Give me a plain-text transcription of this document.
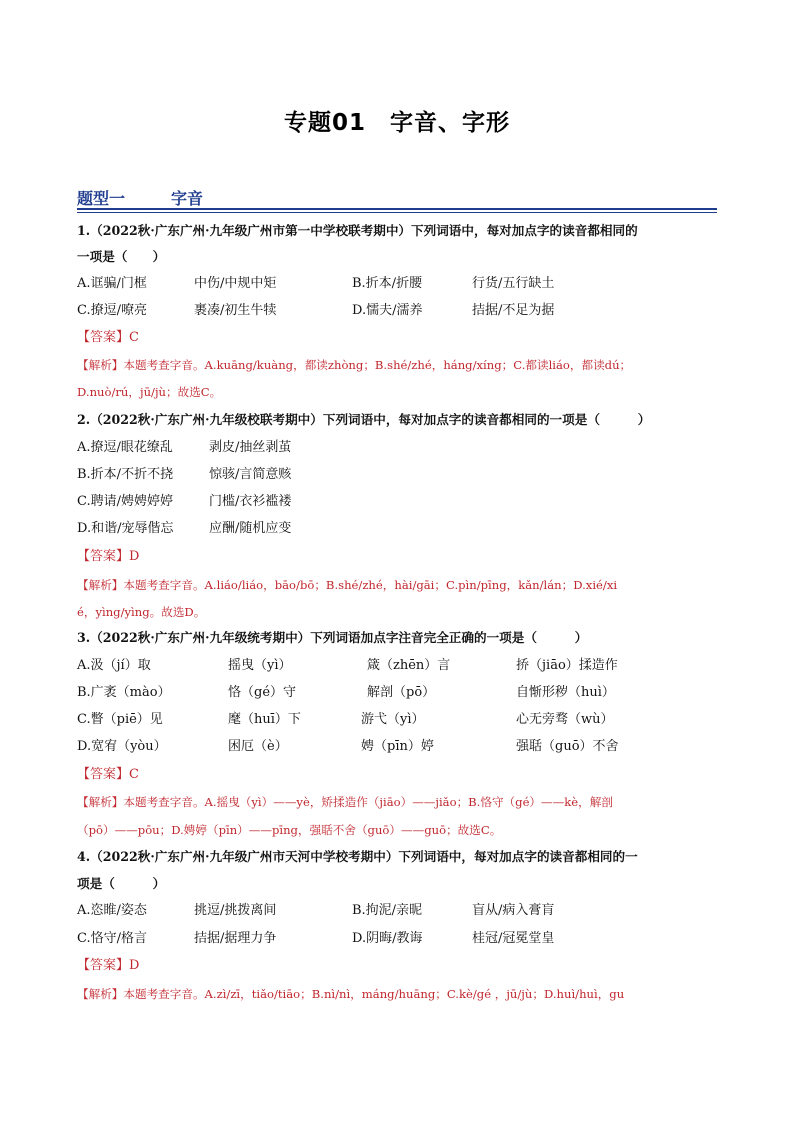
专题01　字音、字形
题型一	字音
1.（2022秋·广东广州·九年级广州市第一中学校联考期中）下列词语中，每对加点字的读音都相同的
一项是（　　）
A.诓骗/门框	中伤/中规中矩	B.折本/折腰	行货/五行缺土
C.撩逗/嘹亮	裹凑/初生牛犊	D.懦夫/濡养	拮据/不足为据
【答案】C
【解析】本题考查字音。A.kuāng/kuàng，都读zhòng；B.shé/zhé，háng/xíng；C.都读liáo，都读dú；
D.nuò/rú，jū/jù；故选C。
2.（2022秋·广东广州·九年级校联考期中）下列词语中，每对加点字的读音都相同的一项是（　　　）
A.撩逗/眼花缭乱	剥皮/抽丝剥茧
B.折本/不折不挠	惊骇/言简意赅
C.聘请/娉娉婷婷	门槛/衣衫褴褛
D.和谐/宠辱偕忘	应酬/随机应变
【答案】D
【解析】本题考查字音。A.liáo/liáo，bāo/bō；B.shé/zhé，hài/gāi；C.pìn/pīng，kǎn/lán；D.xié/xi
é，yìng/yìng。故选D。
3.（2022秋·广东广州·九年级统考期中）下列词语加点字注音完全正确的一项是（　　　）
A.汲（jí）取	摇曳（yì）	箴（zhēn）言	挢（jiāo）揉造作
B.广袤（mào）	恪（gé）守	解剖（pō）	自惭形秽（huì）
C.瞥（piē）见	麾（huī）下	游弋（yì）	心无旁骛（wù）
D.宽宥（yòu）	困厄（è）	娉（pīn）婷	强聒（guō）不舍
【答案】C
【解析】本题考查字音。A.摇曳（yì）——yè，矫揉造作（jiāo）——jiǎo；B.恪守（gé）——kè，解剖
（pō）——pōu；D.娉婷（pīn）——pīng，强聒不舍（guō）——guō；故选C。
4.（2022秋·广东广州·九年级广州市天河中学校考期中）下列词语中，每对加点字的读音都相同的一
项是（　　　）
A.恣睢/姿态	挑逗/挑拨离间	B.拘泥/亲昵	盲从/病入膏肓
C.恪守/格言	拮据/据理力争	D.阴晦/教诲	桂冠/冠冕堂皇
【答案】D
【解析】本题考查字音。A.zì/zī，tiǎo/tiāo；B.nì/nì，máng/huāng；C.kè/gé ，jū/jù；D.huì/huì，gu
